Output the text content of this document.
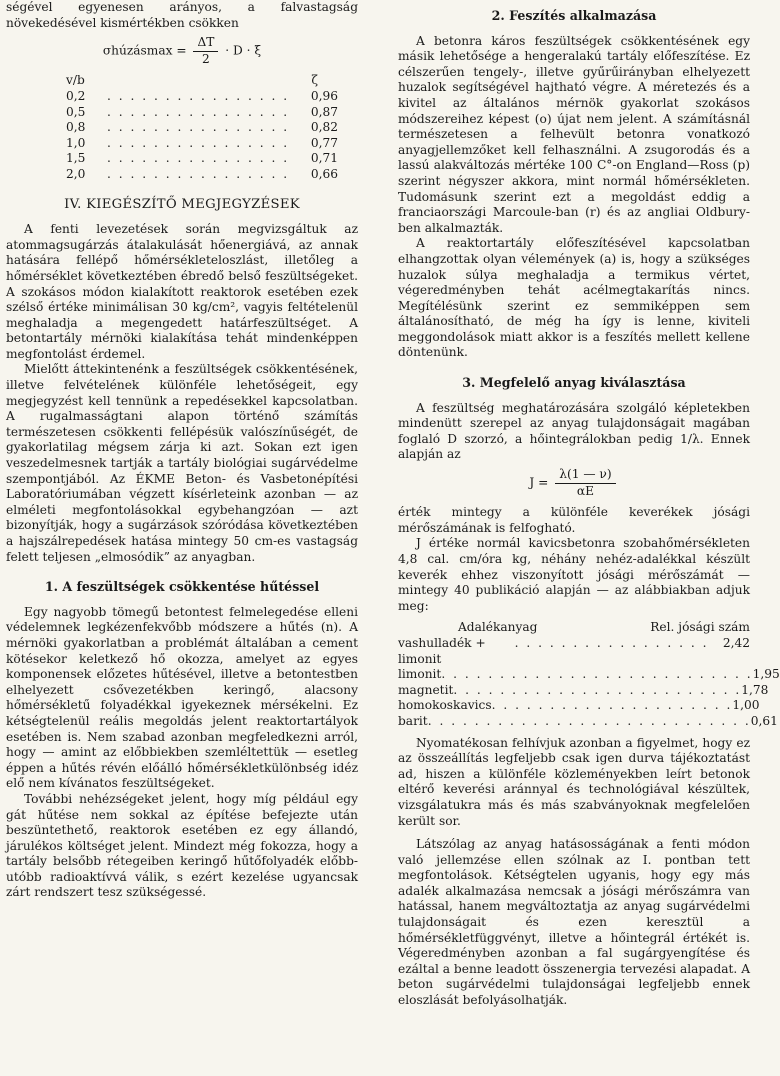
ségével egyenesen arányos, a falvastagság növekedésével kismértékben csökken

σhúzásmax = $\frac{\Delta T}{2} \cdot D \cdot \xi$
v/b	ζ
0,2	. . . . . . . . . . . . . . . .	0,96
0,5	. . . . . . . . . . . . . . . .	0,87
0,8	. . . . . . . . . . . . . . . .	0,82
1,0	. . . . . . . . . . . . . . . .	0,77
1,5	. . . . . . . . . . . . . . . .	0,71
2,0	. . . . . . . . . . . . . . . .	0,66
IV. KIEGÉSZÍTŐ MEGJEGYZÉSEK

A fenti levezetések során megvizsgáltuk az atommagsugárzás átalakulását hőenergiává, az annak hatására fellépő hőmérsékleteloszlást, illetőleg a hőmérséklet következtében ébredő belső feszültségeket. A szokásos módon kialakított reaktorok esetében ezek szélső értéke minimálisan 30 kg/cm², vagyis feltételenül meghaladja a megengedett határfeszültséget. A betontartály mérnöki kialakítása tehát mindenképpen megfontolást érdemel.

Mielőtt áttekintenénk a feszültségek csökkentésének, illetve felvételének különféle lehetőségeit, egy megjegyzést kell tennünk a repedésekkel kapcsolatban. A rugalmasságtani alapon történő számítás természetesen csökkenti fellépésük valószínűségét, de gyakorlatilag mégsem zárja ki azt. Sokan ezt igen veszedelmesnek tartják a tartály biológiai sugárvédelme szempontjából. Az ÉKME Beton- és Vasbetonépítési Laboratóriumában végzett kísérleteink azonban — az elméleti megfontolásokkal egybehangzóan — azt bizonyítják, hogy a sugárzások szóródása következtében a hajszálrepedések hatása mintegy 50 cm-es vastagság felett teljesen „elmosódik” az anyagban.

1. A feszültségek csökkentése hűtéssel

Egy nagyobb tömegű betontest felmelegedése elleni védelemnek legkézenfekvőbb módszere a hűtés (n). A mérnöki gyakorlatban a problémát általában a cement kötésekor keletkező hő okozza, amelyet az egyes komponensek előzetes hűtésével, illetve a betontestben elhelyezett csővezetékben keringő, alacsony hőmérsékletű folyadékkal igyekeznek mérsékelni. Ez kétségtelenül reális megoldás jelent reaktortartályok esetében is. Nem szabad azonban megfeledkezni arról, hogy — amint az előbbiekben szemléltettük — esetleg éppen a hűtés révén előálló hőmérsékletkülönbség idéz elő nem kívánatos feszültségeket.

További nehézségeket jelent, hogy míg például egy gát hűtése nem sokkal az építése befejezte után beszüntethető, reaktorok esetében ez egy állandó, járulékos költséget jelent. Mindezt még fokozza, hogy a tartály belsőbb rétegeiben keringő hűtőfolyadék előbb-utóbb radioaktívvá válik, s ezért kezelése ugyancsak zárt rendszert tesz szükségessé.

2. Feszítés alkalmazása

A betonra káros feszültségek csökkentésének egy másik lehetősége a hengeralakú tartály előfeszítése. Ez célszerűen tengely-, illetve gyűrűirányban elhelyezett huzalok segítségével hajtható végre. A méretezés és a kivitel az általános mérnök gyakorlat szokásos módszereihez képest (o) újat nem jelent. A számításnál természetesen a felhevült betonra vonatkozó anyagjellemzőket kell felhasználni. A zsugorodás és a lassú alakváltozás mértéke 100 C°-on England—Ross (p) szerint négyszer akkora, mint normál hőmérsékleten. Tudomásunk szerint ezt a megoldást eddig a franciaországi Marcoule-ban (r) és az angliai Oldbury-ben alkalmazták.

A reaktortartály előfeszítésével kapcsolatban elhangzottak olyan vélemények (a) is, hogy a szükséges huzalok súlya meghaladja a termikus vértet, végeredményben tehát acélmegtakarítás nincs. Megítélésünk szerint ez semmiképpen sem általánosítható, de még ha így is lenne, kiviteli meggondolások miatt akkor is a feszítés mellett kellene döntenünk.

3. Megfelelő anyag kiválasztása

A feszültség meghatározására szolgáló képletekben mindenütt szerepel az anyag tulajdonságait magában foglaló D szorzó, a hőintegrálokban pedig 1/λ. Ennek alapján az

$J = \frac{\lambda(1 — \nu)}{\alpha E}$

érték mintegy a különféle keverékek jósági mérőszámának is felfogható.

J értéke normál kavicsbetonra szobahőmérsékleten 4,8 cal. cm/óra kg, néhány nehéz-adalékkal készült keverék ehhez viszonyított jósági mérőszámát — mintegy 40 publikáció alapján — az alábbiakban adjuk meg:

Adalékanyag	Rel. jósági szám
vashulladék + limonit
. . . . . . . . . . . . . . . . .	2,42
limonit . . . . . . . . . . . . . . . . . . . . . . . . . . . 1,95
magnetit . . . . . . . . . . . . . . . . . . . . . . . . . 1,78
homokoskavics . . . . . . . . . . . . . . . . . . . . . 1,00
barit . . . . . . . . . . . . . . . . . . . . . . . . . . . . 0,61

Nyomatékosan felhívjuk azonban a figyelmet, hogy ez az összeállítás legfeljebb csak igen durva tájékoztatást ad, hiszen a különféle közleményekben leírt betonok eltérő keverési aránnyal és technológiával készültek, vizsgálatukra más és más szabványoknak megfelelően került sor.

Látszólag az anyag hatásosságának a fenti módon való jellemzése ellen szólnak az I. pontban tett megfontolások. Kétségtelen ugyanis, hogy egy más adalék alkalmazása nemcsak a jósági mérőszámra van hatással, hanem megváltoztatja az anyag sugárvédelmi tulajdonságait és ezen keresztül a hőmérsékletfüggvényt, illetve a hőintegrál értékét is. Végeredményben azonban a fal sugárgyengítése és ezáltal a benne leadott összenergia tervezési alapadat. A beton sugárvédelmi tulajdonságai legfeljebb ennek eloszlását befolyásolhatják.
